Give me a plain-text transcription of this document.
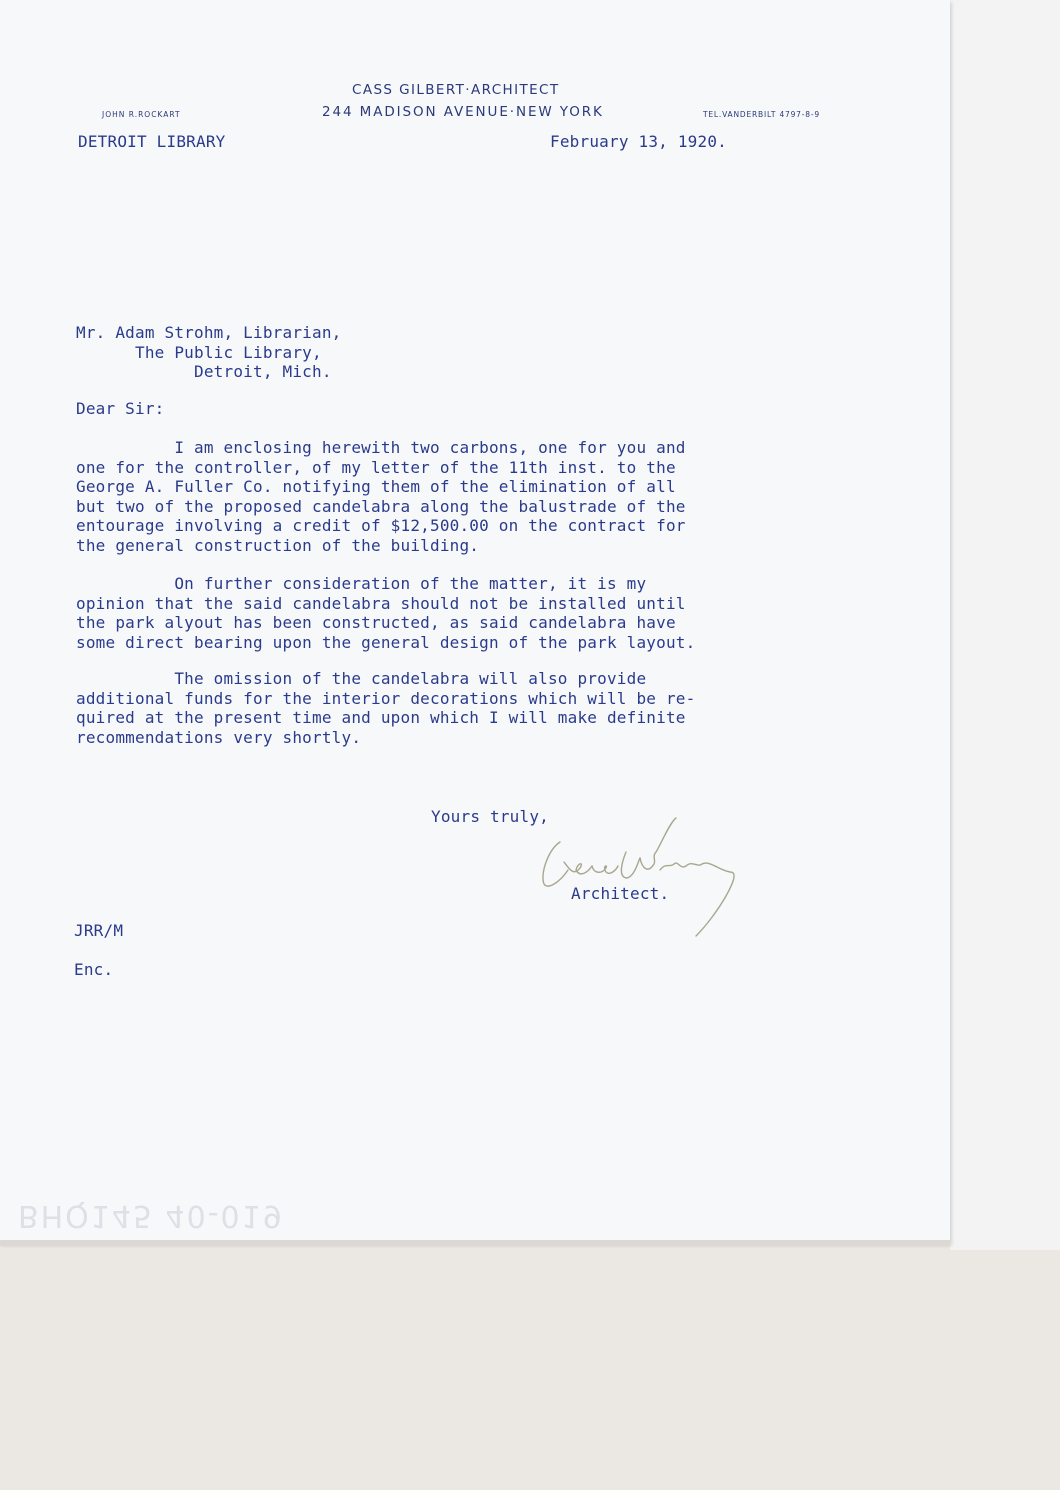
CASS GILBERT·ARCHITECT
244 MADISON AVENUE·NEW YORK
JOHN R.ROCKART	TEL.VANDERBILT 4797-8-9
DETROIT LIBRARY	February 13, 1920.
Mr. Adam Strohm, Librarian,
The Public Library,
Detroit, Mich.
Dear Sir:
I am enclosing herewith two carbons, one for you and
one for the controller, of my letter of the 11th inst. to the
George A. Fuller Co. notifying them of the elimination of all
but two of the proposed candelabra along the balustrade of the
entourage involving a credit of $12,500.00 on the contract for
the general construction of the building.
On further consideration of the matter, it is my
opinion that the said candelabra should not be installed until
the park alyout has been constructed, as said candelabra have
some direct bearing upon the general design of the park layout.
The omission of the candelabra will also provide
additional funds for the interior decorations which will be re-
quired at the present time and upon which I will make definite
recommendations very shortly.
Yours truly,
Architect.
JRR/M
Enc.
BHQ145 40-019
